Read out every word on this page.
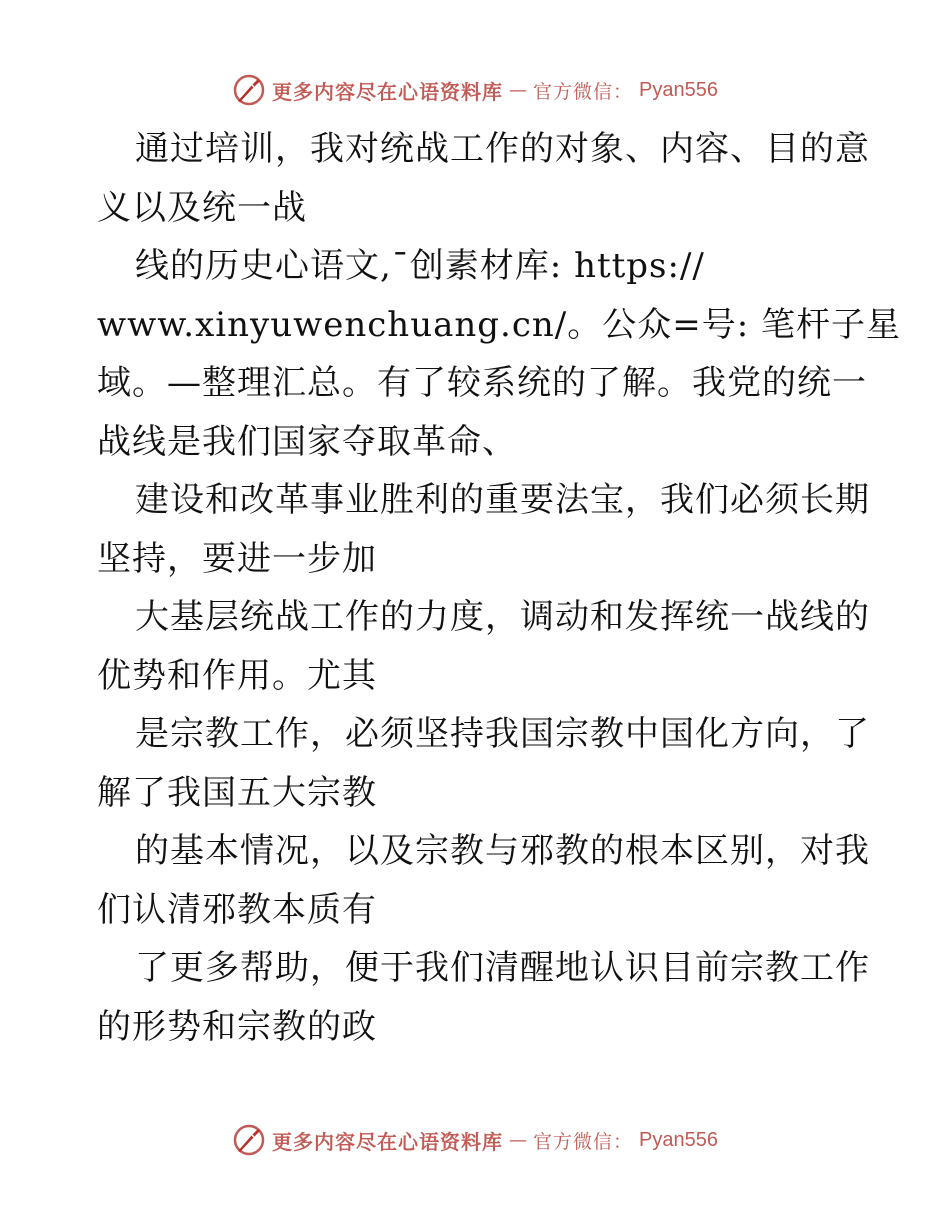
更多内容尽在心语资料库 — 官方微信： Pyan556
通过培训，我对统战工作的对象、内容、目的意
义以及统一战
线的历史心语文,¯创素材库: https://
www.xinyuwenchuang.cn/。公众=号: 笔杆子星
域。—整理汇总。有了较系统的了解。我党的统一
战线是我们国家夺取革命、
建设和改革事业胜利的重要法宝，我们必须长期
坚持，要进一步加
大基层统战工作的力度，调动和发挥统一战线的
优势和作用。尤其
是宗教工作，必须坚持我国宗教中国化方向，了
解了我国五大宗教
的基本情况，以及宗教与邪教的根本区别，对我
们认清邪教本质有
了更多帮助，便于我们清醒地认识目前宗教工作
的形势和宗教的政
更多内容尽在心语资料库 — 官方微信： Pyan556
